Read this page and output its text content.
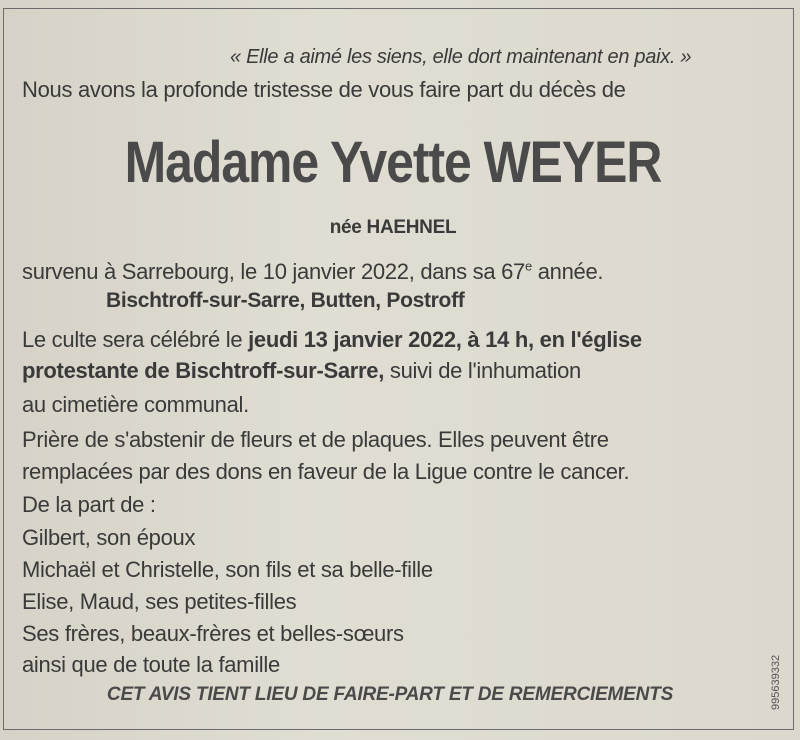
« Elle a aimé les siens, elle dort maintenant en paix. »
Nous avons la profonde tristesse de vous faire part du décès de
Madame Yvette WEYER
née HAEHNEL
survenu à Sarrebourg, le 10 janvier 2022, dans sa 67e année.
Bischtroff-sur-Sarre, Butten, Postroff
Le culte sera célébré le jeudi 13 janvier 2022, à 14 h, en l'église
protestante de Bischtroff-sur-Sarre, suivi de l'inhumation
au cimetière communal.
Prière de s'abstenir de fleurs et de plaques. Elles peuvent être
remplacées par des dons en faveur de la Ligue contre le cancer.
De la part de :
Gilbert, son époux
Michaël et Christelle, son fils et sa belle-fille
Elise, Maud, ses petites-filles
Ses frères, beaux-frères et belles-sœurs
ainsi que de toute la famille
CET AVIS TIENT LIEU DE FAIRE-PART ET DE REMERCIEMENTS	995639332
